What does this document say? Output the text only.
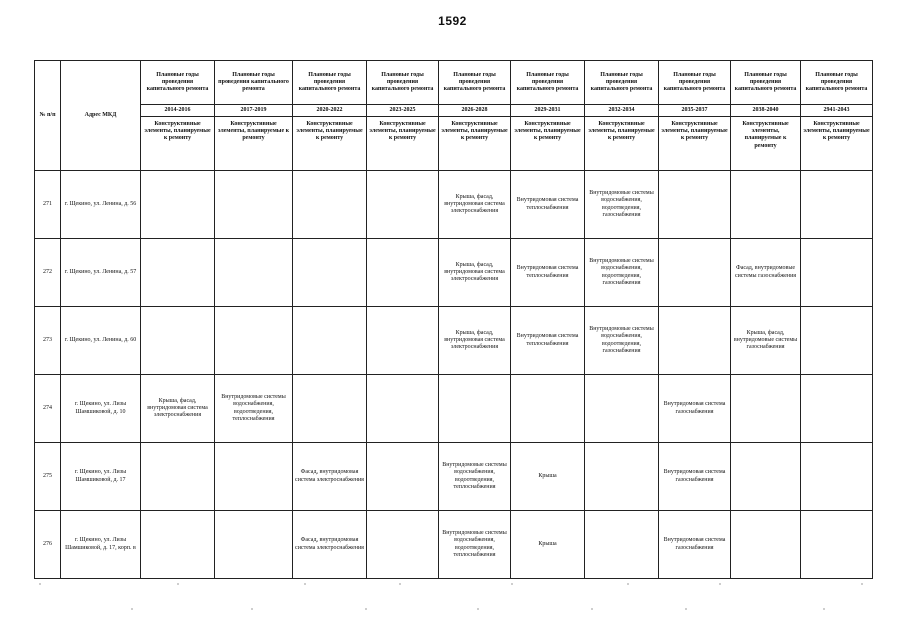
1592
№ п/п	Адрес МКД	Плановые годы проведения капитального ремонта	Плановые годы проведения капитального ремонта	Плановые годы проведения капитального ремонта	Плановые годы проведения капитального ремонта	Плановые годы проведения капитального ремонта	Плановые годы проведения капитального ремонта	Плановые годы проведения капитального ремонта	Плановые годы проведения капитального ремонта	Плановые годы проведения капитального ремонта	Плановые годы проведения капитального ремонта
		2014-2016	2017-2019	2020-2022	2023-2025	2026-2028	2029-2031	2032-2034	2035-2037	2038-2040	2941-2043
		Конструктивные элементы, планируемые к ремонту	Конструктивные элементы, планируемые к ремонту	Конструктивные элементы, планируемые к ремонту	Конструктивные элементы, планируемые к ремонту	Конструктивные элементы, планируемые к ремонту	Конструктивные элементы, планируемые к ремонту	Конструктивные элементы, планируемые к ремонту	Конструктивные элементы, планируемые к ремонту	Конструктивные элементы, планируемые к ремонту	Конструктивные элементы, планируемые к ремонту
271	г. Щекино, ул. Ленина, д. 56					Крыша, фасад, внутридомовая система электроснабжения	Внутридомовая система теплоснабжения	Внутридомовые системы водоснабжения, водоотведения, газоснабжения			
272	г. Щекино, ул. Ленина, д. 57					Крыша, фасад, внутридомовая система электроснабжения	Внутридомовая система теплоснабжения	Внутридомовые системы водоснабжения, водоотведения, газоснабжения		Фасад, внутридомовые системы газоснабжения	
273	г. Щекино, ул. Ленина, д. 60					Крыша, фасад, внутридомовая система электроснабжения	Внутридомовая система теплоснабжения	Внутридомовые системы водоснабжения, водоотведения, газоснабжения		Крыша, фасад, внутридомовые системы газоснабжения	
274	г. Щекино, ул. Лизы Шамшиковой, д. 10	Крыша, фасад, внутридомовая система электроснабжения	Внутридомовые системы водоснабжения, водоотведения, теплоснабжения						Внутридомовая система газоснабжения		
275	г. Щекино, ул. Лизы Шамшиковой, д. 17			Фасад, внутридомовая система электроснабжения		Внутридомовые системы водоснабжения, водоотведения, теплоснабжения	Крыша		Внутридомовая система газоснабжения		
276	г. Щекино, ул. Лизы Шамшиковой, д. 17, корп. в			Фасад, внутридомовая система электроснабжения		Внутридомовые системы водоснабжения, водоотведения, теплоснабжения	Крыша		Внутридомовая система газоснабжения		
